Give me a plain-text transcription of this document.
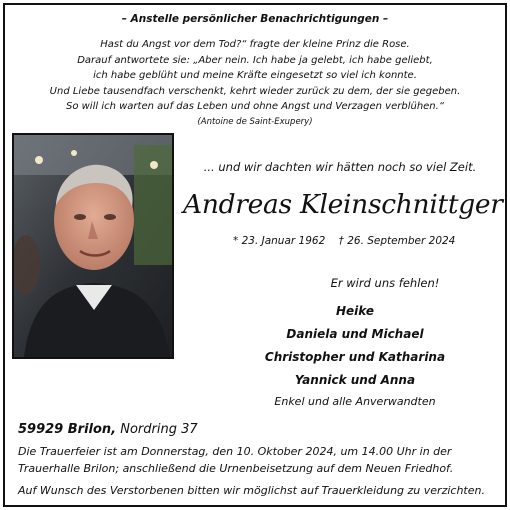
– Anstelle persönlicher Benachrichtigungen –
Hast du Angst vor dem Tod?“ fragte der kleine Prinz die Rose.
Darauf antwortete sie: „Aber nein. Ich habe ja gelebt, ich habe geliebt,
ich habe geblüht und meine Kräfte eingesetzt so viel ich konnte.
Und Liebe tausendfach verschenkt, kehrt wieder zurück zu dem, der sie gegeben.
So will ich warten auf das Leben und ohne Angst und Verzagen verblühen.“
(Antoine de Saint-Exupery)
... und wir dachten wir hätten noch so viel Zeit.
Andreas Kleinschnittger
* 23. Januar 1962 † 26. September 2024
Er wird uns fehlen!
Heike
Daniela und Michael
Christopher und Katharina
Yannick und Anna
Enkel und alle Anverwandten
59929 Brilon, Nordring 37
Die Trauerfeier ist am Donnerstag, den 10. Oktober 2024, um 14.00 Uhr in der
Trauerhalle Brilon; anschließend die Urnenbeisetzung auf dem Neuen Friedhof.
Auf Wunsch des Verstorbenen bitten wir möglichst auf Trauerkleidung zu verzichten.
